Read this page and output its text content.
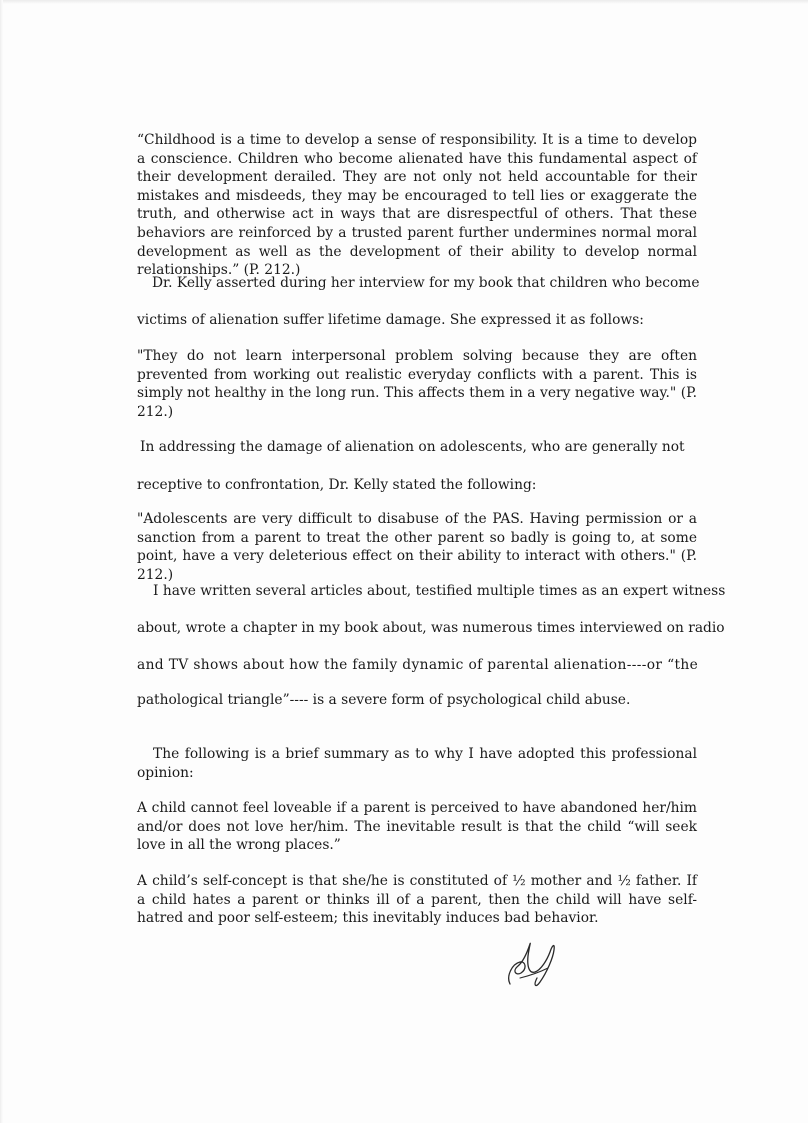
“Childhood is a time to develop a sense of responsibility. It is a time to develop a conscience. Children who become alienated have this fundamental aspect of their development derailed. They are not only not held accountable for their mistakes and misdeeds, they may be encouraged to tell lies or exaggerate the truth, and otherwise act in ways that are disrespectful of others. That these behaviors are reinforced by a trusted parent further undermines normal moral development as well as the development of their ability to develop normal relationships.” (P. 212.)

Dr. Kelly asserted during her interview for my book that children who become

victims of alienation suffer lifetime damage. She expressed it as follows:

"They do not learn interpersonal problem solving because they are often prevented from working out realistic everyday conflicts with a parent. This is simply not healthy in the long run. This affects them in a very negative way." (P. 212.)

In addressing the damage of alienation on adolescents, who are generally not

receptive to confrontation, Dr. Kelly stated the following:

"Adolescents are very difficult to disabuse of the PAS. Having permission or a sanction from a parent to treat the other parent so badly is going to, at some point, have a very deleterious effect on their ability to interact with others." (P. 212.)

I have written several articles about, testified multiple times as an expert witness

about, wrote a chapter in my book about, was numerous times interviewed on radio

and TV shows about how the family dynamic of parental alienation----or “the

pathological triangle”---- is a severe form of psychological child abuse.

The following is a brief summary as to why I have adopted this professional opinion:

A child cannot feel loveable if a parent is perceived to have abandoned her/him and/or does not love her/him. The inevitable result is that the child “will seek love in all the wrong places.”

A child’s self-concept is that she/he is constituted of ½ mother and ½ father. If a child hates a parent or thinks ill of a parent, then the child will have self-hatred and poor self-esteem; this inevitably induces bad behavior.
